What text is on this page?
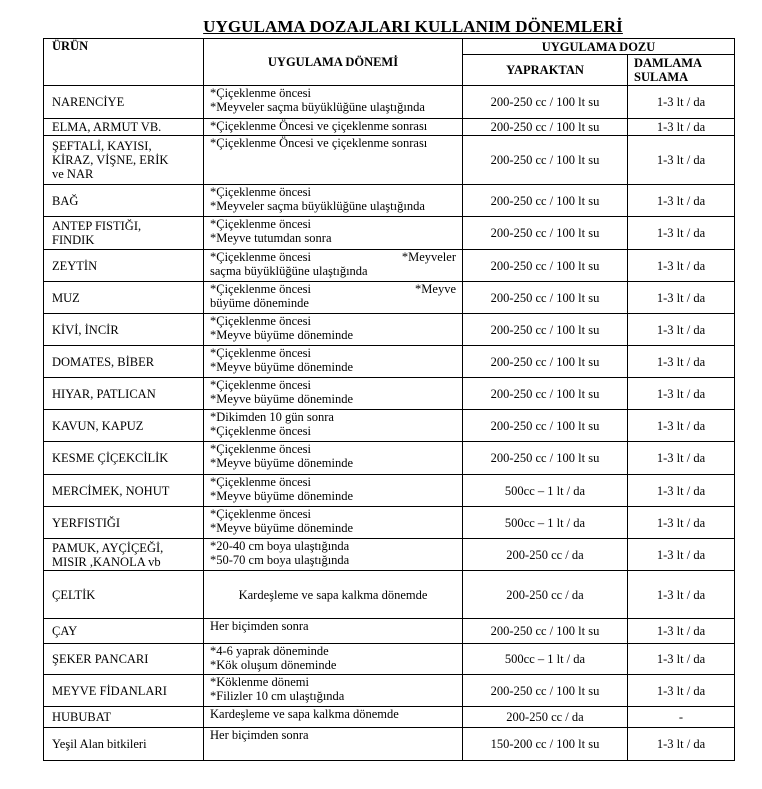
UYGULAMA DOZAJLARI KULLANIM DÖNEMLERİ
ÜRÜN	UYGULAMA DÖNEMİ	UYGULAMA DOZU	
		YAPRAKTAN	DAMLAMA
SULAMA

NARENCİYE	*Çiçeklenme öncesi
*Meyveler saçma büyüklüğüne ulaştığında	200-250 cc / 100 lt su	1-3 lt / da

ELMA, ARMUT VB.	*Çiçeklenme Öncesi ve çiçeklenme sonrası	200-250 cc / 100 lt su	1-3 lt / da

ŞEFTALİ, KAYISI,
KİRAZ, VİŞNE, ERİK
ve NAR	*Çiçeklenme Öncesi ve çiçeklenme sonrası	200-250 cc / 100 lt su	1-3 lt / da

BAĞ	*Çiçeklenme öncesi
*Meyveler saçma büyüklüğüne ulaştığında	200-250 cc / 100 lt su	1-3 lt / da

ANTEP FISTIĞI,
FINDIK	*Çiçeklenme öncesi
*Meyve tutumdan sonra	200-250 cc / 100 lt su	1-3 lt / da

ZEYTİN	*Çiçeklenme öncesi *Meyveler
saçma büyüklüğüne ulaştığında	200-250 cc / 100 lt su	1-3 lt / da

MUZ	*Çiçeklenme öncesi *Meyve
büyüme döneminde	200-250 cc / 100 lt su	1-3 lt / da

KİVİ, İNCİR	*Çiçeklenme öncesi
*Meyve büyüme döneminde	200-250 cc / 100 lt su	1-3 lt / da

DOMATES, BİBER	*Çiçeklenme öncesi
*Meyve büyüme döneminde	200-250 cc / 100 lt su	1-3 lt / da

HIYAR, PATLICAN	*Çiçeklenme öncesi
*Meyve büyüme döneminde	200-250 cc / 100 lt su	1-3 lt / da

KAVUN, KAPUZ	*Dikimden 10 gün sonra
*Çiçeklenme öncesi	200-250 cc / 100 lt su	1-3 lt / da

KESME ÇİÇEKCİLİK	*Çiçeklenme öncesi
*Meyve büyüme döneminde	200-250 cc / 100 lt su	1-3 lt / da

MERCİMEK, NOHUT	*Çiçeklenme öncesi
*Meyve büyüme döneminde	500cc – 1 lt / da	1-3 lt / da

YERFISTIĞI	*Çiçeklenme öncesi
*Meyve büyüme döneminde	500cc – 1 lt / da	1-3 lt / da

PAMUK, AYÇİÇEĞİ,
MISIR ,KANOLA vb	*20-40 cm boya ulaştığında
*50-70 cm boya ulaştığında	200-250 cc / da	1-3 lt / da

ÇELTİK	Kardeşleme ve sapa kalkma dönemde	200-250 cc / da	1-3 lt / da

ÇAY	Her biçimden sonra	200-250 cc / 100 lt su	1-3 lt / da

ŞEKER PANCARI	*4-6 yaprak döneminde
*Kök oluşum döneminde	500cc – 1 lt / da	1-3 lt / da

MEYVE FİDANLARI	*Köklenme dönemi
*Filizler 10 cm ulaştığında	200-250 cc / 100 lt su	1-3 lt / da

HUBUBAT	Kardeşleme ve sapa kalkma dönemde	200-250 cc / da	-

Yeşil Alan bitkileri	Her biçimden sonra	150-200 cc / 100 lt su	1-3 lt / da
